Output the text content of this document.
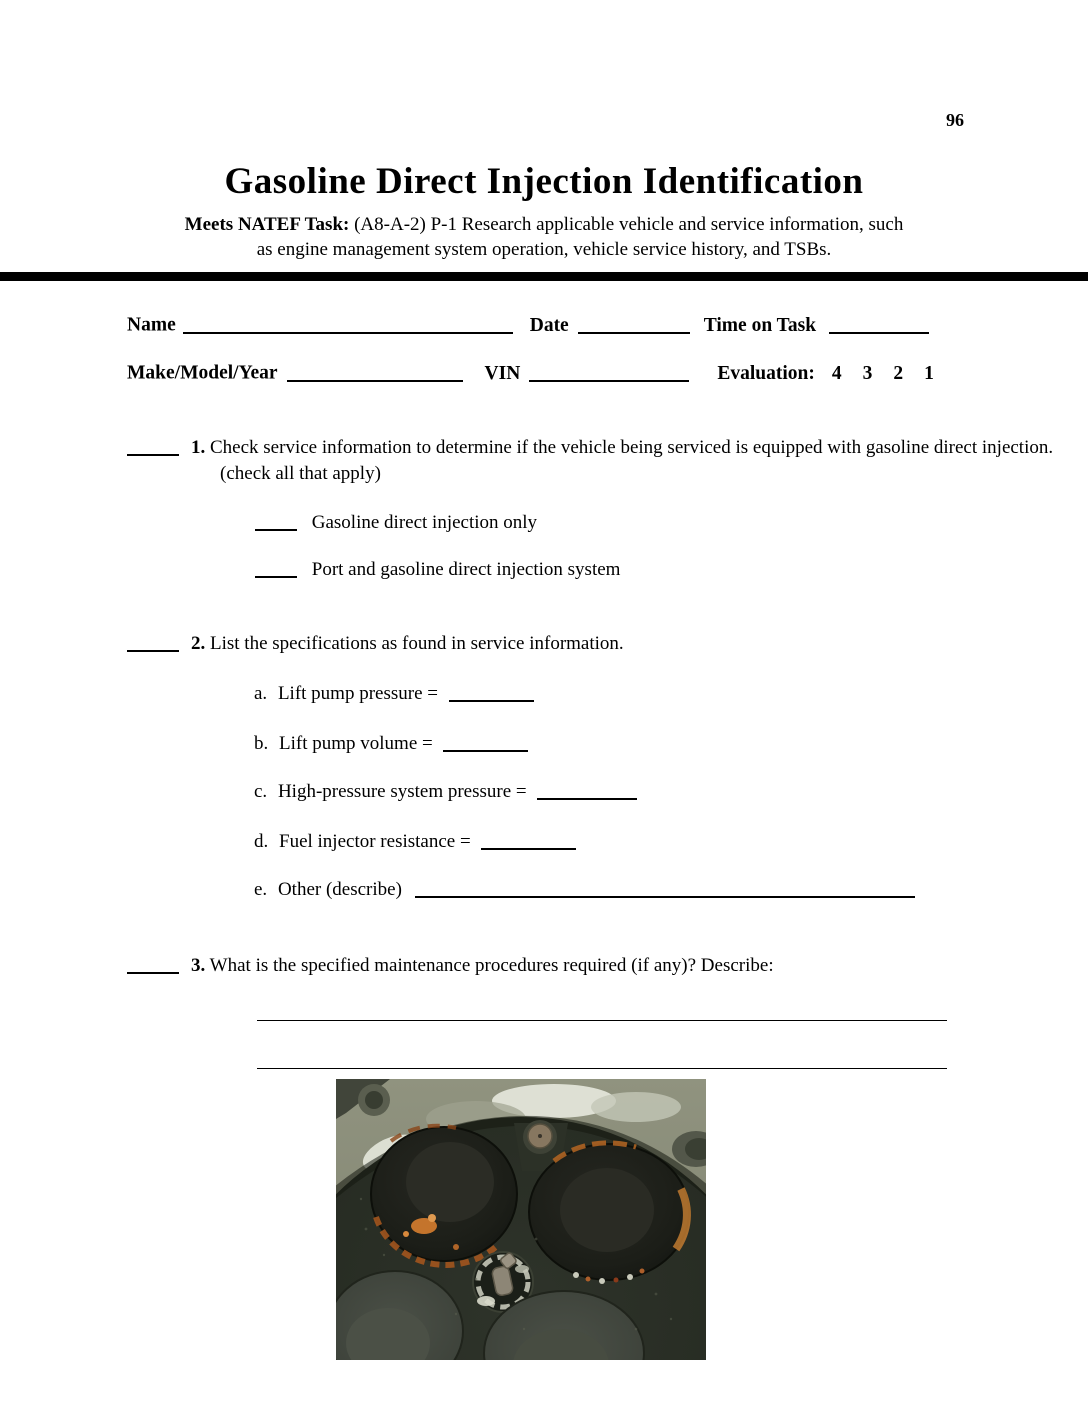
96
Gasoline Direct Injection Identification
Meets NATEF Task: (A8-A-2) P-1 Research applicable vehicle and service information, such
as engine management system operation, vehicle service history, and TSBs.
Name	Date	Time on Task
Make/Model/Year	VIN	Evaluation: 4 3 2 1
1. Check service information to determine if the vehicle being serviced is equipped with gasoline direct injection. (check all that apply)
Gasoline direct injection only
Port and gasoline direct injection system
2. List the specifications as found in service information.
a. Lift pump pressure =
b. Lift pump volume =
c. High-pressure system pressure =
d. Fuel injector resistance =
e. Other (describe)
3. What is the specified maintenance procedures required (if any)? Describe:
